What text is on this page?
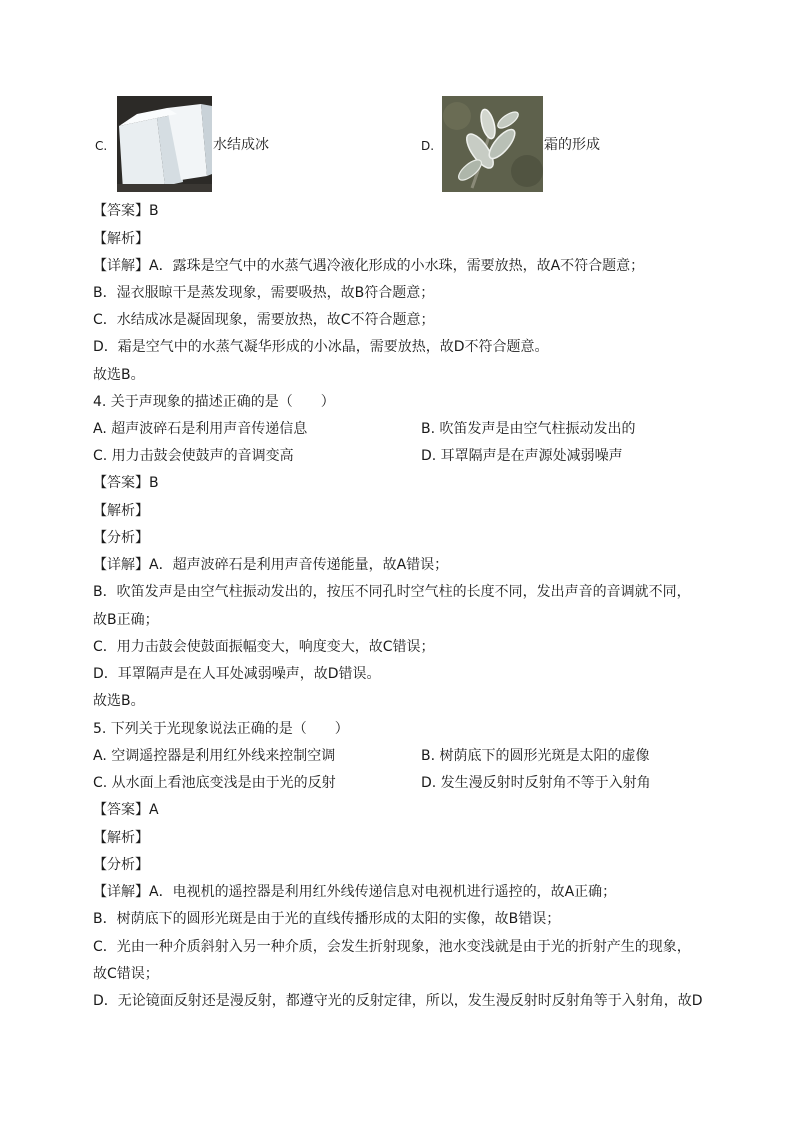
C.	水结成冰	D.	霜的形成
【答案】B
【解析】
【详解】A．露珠是空气中的水蒸气遇冷液化形成的小水珠，需要放热，故A不符合题意；
B．湿衣服晾干是蒸发现象，需要吸热，故B符合题意；
C．水结成冰是凝固现象，需要放热，故C不符合题意；
D．霜是空气中的水蒸气凝华形成的小冰晶，需要放热，故D不符合题意。
故选B。
4. 关于声现象的描述正确的是（　　）
A. 超声波碎石是利用声音传递信息	B. 吹笛发声是由空气柱振动发出的
C. 用力击鼓会使鼓声的音调变高	D. 耳罩隔声是在声源处减弱噪声
【答案】B
【解析】
【分析】
【详解】A．超声波碎石是利用声音传递能量，故A错误；
B．吹笛发声是由空气柱振动发出的，按压不同孔时空气柱的长度不同，发出声音的音调就不同，
故B正确；
C．用力击鼓会使鼓面振幅变大，响度变大，故C错误；
D．耳罩隔声是在人耳处减弱噪声，故D错误。
故选B。
5. 下列关于光现象说法正确的是（　　）
A. 空调遥控器是利用红外线来控制空调	B. 树荫底下的圆形光斑是太阳的虚像
C. 从水面上看池底变浅是由于光的反射	D. 发生漫反射时反射角不等于入射角
【答案】A
【解析】
【分析】
【详解】A．电视机的遥控器是利用红外线传递信息对电视机进行遥控的，故A正确；
B．树荫底下的圆形光斑是由于光的直线传播形成的太阳的实像，故B错误；
C．光由一种介质斜射入另一种介质，会发生折射现象，池水变浅就是由于光的折射产生的现象，
故C错误；
D．无论镜面反射还是漫反射，都遵守光的反射定律，所以，发生漫反射时反射角等于入射角，故D
